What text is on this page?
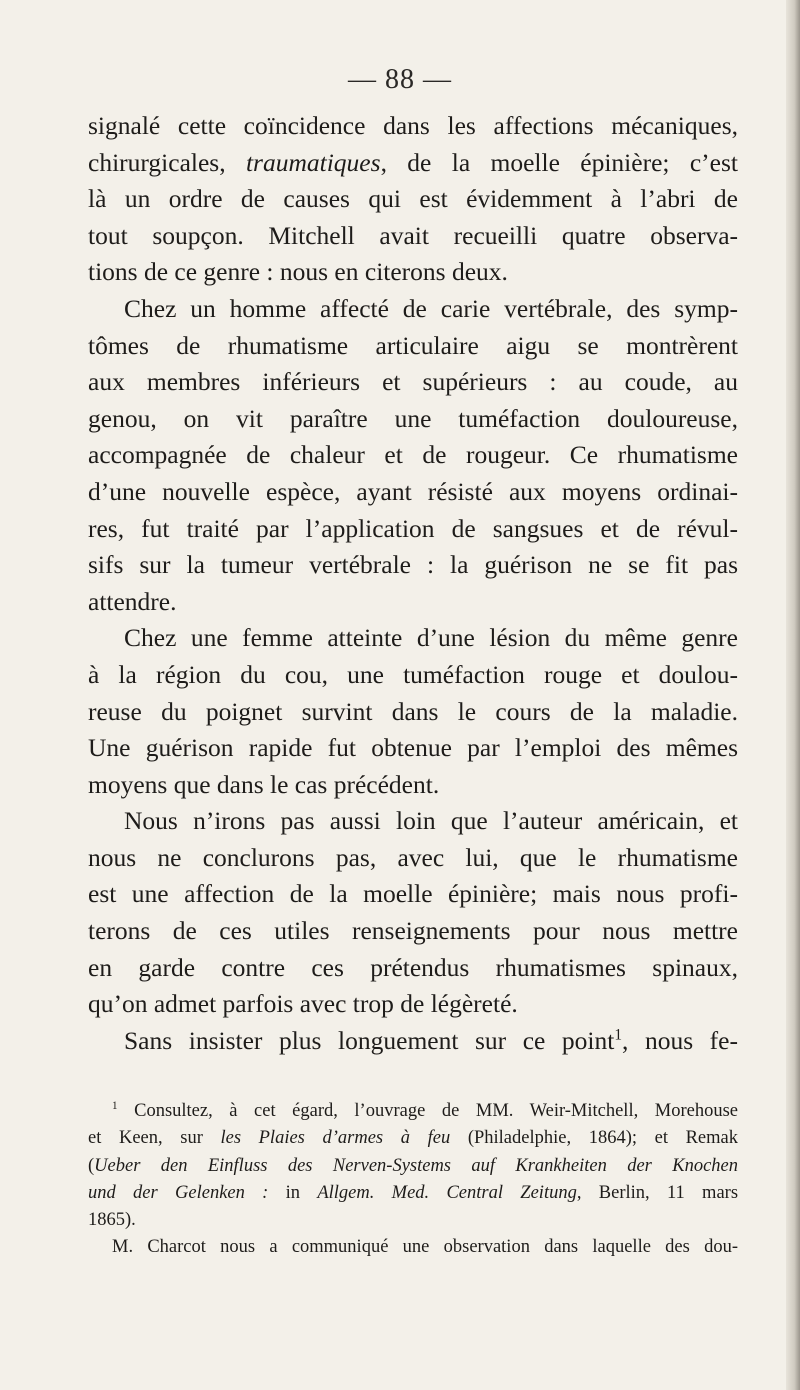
— 88 —
signalé cette coïncidence dans les affections mécaniques,
chirurgicales, traumatiques, de la moelle épinière; c’est
là un ordre de causes qui est évidemment à l’abri de
tout soupçon. Mitchell avait recueilli quatre observa-
tions de ce genre : nous en citerons deux.
Chez un homme affecté de carie vertébrale, des symp-
tômes de rhumatisme articulaire aigu se montrèrent
aux membres inférieurs et supérieurs : au coude, au
genou, on vit paraître une tuméfaction douloureuse,
accompagnée de chaleur et de rougeur. Ce rhumatisme
d’une nouvelle espèce, ayant résisté aux moyens ordinai-
res, fut traité par l’application de sangsues et de révul-
sifs sur la tumeur vertébrale : la guérison ne se fit pas
attendre.
Chez une femme atteinte d’une lésion du même genre
à la région du cou, une tuméfaction rouge et doulou-
reuse du poignet survint dans le cours de la maladie.
Une guérison rapide fut obtenue par l’emploi des mêmes
moyens que dans le cas précédent.
Nous n’irons pas aussi loin que l’auteur américain, et
nous ne conclurons pas, avec lui, que le rhumatisme
est une affection de la moelle épinière; mais nous profi-
terons de ces utiles renseignements pour nous mettre
en garde contre ces prétendus rhumatismes spinaux,
qu’on admet parfois avec trop de légèreté.
Sans insister plus longuement sur ce point$^1$, nous fe-
$^1$ Consultez, à cet égard, l’ouvrage de MM. Weir-Mitchell, Morehouse
et Keen, sur les Plaies d’armes à feu (Philadelphie, 1864); et Remak
(Ueber den Einfluss des Nerven-Systems auf Krankheiten der Knochen
und der Gelenken : in Allgem. Med. Central Zeitung, Berlin, 11 mars
1865).
M. Charcot nous a communiqué une observation dans laquelle des dou-
